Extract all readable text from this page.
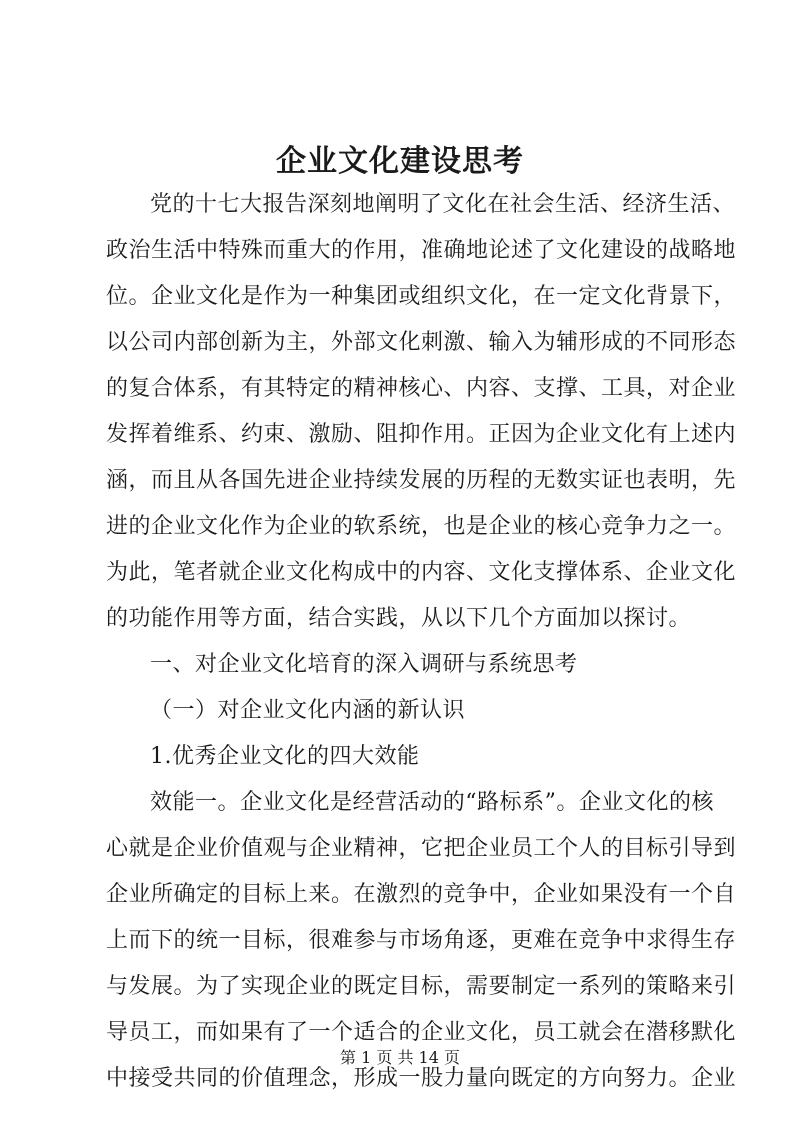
企业文化建设思考
党的十七大报告深刻地阐明了文化在社会生活、经济生活、
政治生活中特殊而重大的作用，准确地论述了文化建设的战略地
位。企业文化是作为一种集团或组织文化，在一定文化背景下，
以公司内部创新为主，外部文化刺激、输入为辅形成的不同形态
的复合体系，有其特定的精神核心、内容、支撑、工具，对企业
发挥着维系、约束、激励、阻抑作用。正因为企业文化有上述内
涵，而且从各国先进企业持续发展的历程的无数实证也表明，先
进的企业文化作为企业的软系统，也是企业的核心竞争力之一。
为此，笔者就企业文化构成中的内容、文化支撑体系、企业文化
的功能作用等方面，结合实践，从以下几个方面加以探讨。
一、对企业文化培育的深入调研与系统思考
（一）对企业文化内涵的新认识
1.优秀企业文化的四大效能
效能一。企业文化是经营活动的“路标系”。企业文化的核
心就是企业价值观与企业精神，它把企业员工个人的目标引导到
企业所确定的目标上来。在激烈的竞争中，企业如果没有一个自
上而下的统一目标，很难参与市场角逐，更难在竞争中求得生存
与发展。为了实现企业的既定目标，需要制定一系列的策略来引
导员工，而如果有了一个适合的企业文化，员工就会在潜移默化
中接受共同的价值理念，形成一股力量向既定的方向努力。企业
第 1 页 共 14 页
